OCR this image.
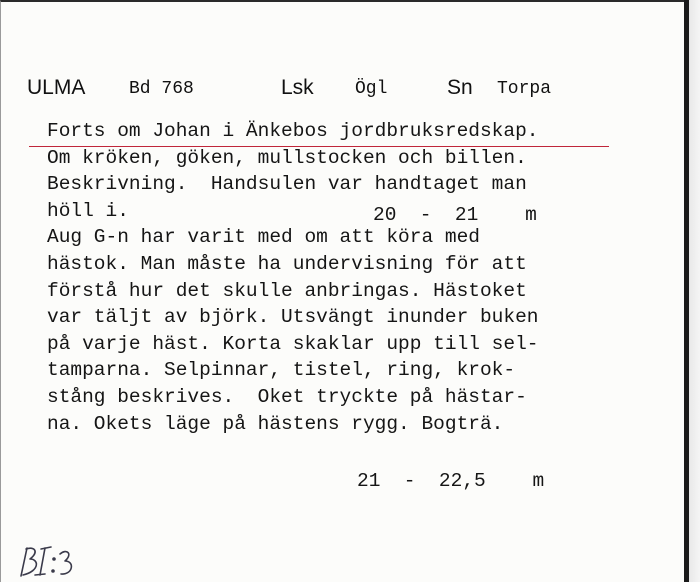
ULMA Bd 768	Lsk Ögl	Sn Torpa
Forts om Johan i Änkebos jordbruksredskap.
Om kröken, göken, mullstocken och billen.
Beskrivning.  Handsulen var handtaget man
höll i.
Aug G-n har varit med om att köra med
hästok. Man måste ha undervisning för att
förstå hur det skulle anbringas. Hästoket
var täljt av björk. Utsvängt inunder buken
på varje häst. Korta skaklar upp till sel-
tamparna. Selpinnar, tistel, ring, krok-
stång beskrives.  Oket tryckte på hästar-
na. Okets läge på hästens rygg. Bogträ.
20  -  21    m
21  -  22,5    m
